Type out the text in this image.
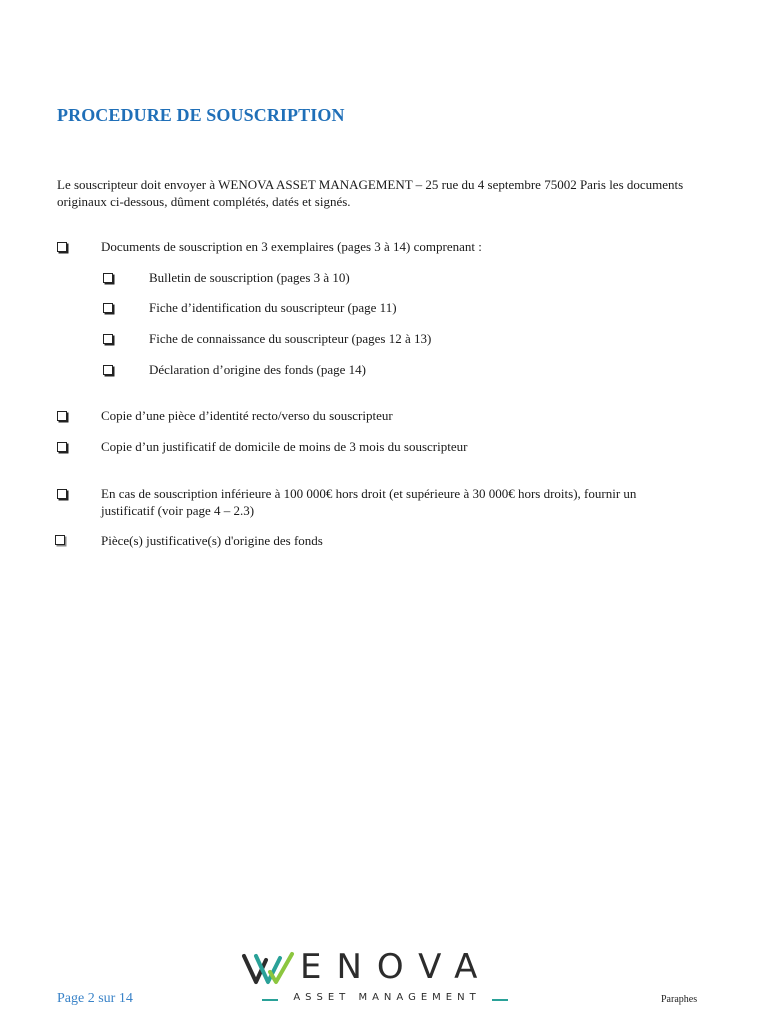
PROCEDURE DE SOUSCRIPTION
Le souscripteur doit envoyer à WENOVA ASSET MANAGEMENT – 25 rue du 4 septembre 75002 Paris les documents originaux ci-dessous, dûment complétés, datés et signés.
Documents de souscription en 3 exemplaires (pages 3 à 14) comprenant :
Bulletin de souscription (pages 3 à 10)
Fiche d’identification du souscripteur (page 11)
Fiche de connaissance du souscripteur (pages 12 à 13)
Déclaration d’origine des fonds (page 14)
Copie d’une pièce d’identité recto/verso du souscripteur
Copie d’un justificatif de domicile de moins de 3 mois du souscripteur
En cas de souscription inférieure à 100 000€ hors droit (et supérieure à 30 000€ hors droits), fournir un justificatif (voir page 4 – 2.3)
Pièce(s) justificative(s) d'origine des fonds
ENOVA
ASSET MANAGEMENT
Page 2 sur 14	Paraphes
